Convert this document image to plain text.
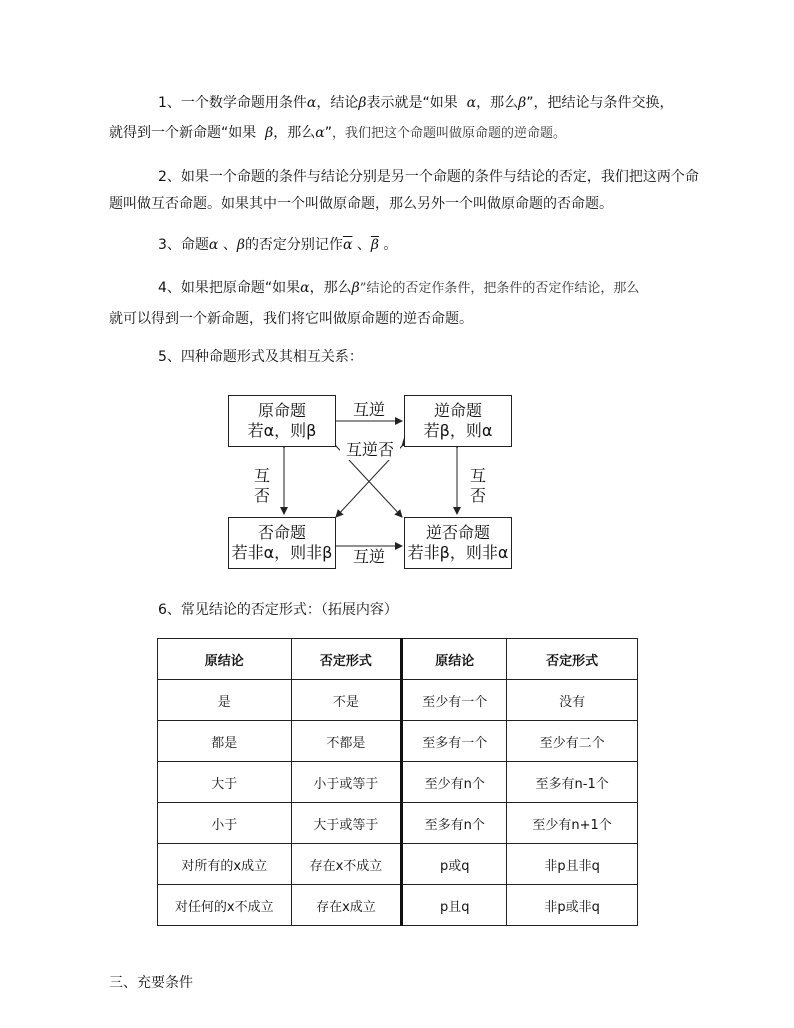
1、一个数学命题用条件α，结论β表示就是“如果 α，那么β”，把结论与条件交换，
就得到一个新命题“如果 β，那么α”，我们把这个命题叫做原命题的逆命题。
2、如果一个命题的条件与结论分别是另一个命题的条件与结论的否定，我们把这两个命
题叫做互否命题。如果其中一个叫做原命题，那么另外一个叫做原命题的否命题。
3、命题α 、β的否定分别记作$\overline{\alpha}$ 、$\overline{\beta}$ 。
4、如果把原命题“如果α，那么β”结论的否定作条件，把条件的否定作结论，那么
就可以得到一个新命题，我们将它叫做原命题的逆否命题。
5、四种命题形式及其相互关系：
原命题
若α，则β
逆命题
若β，则α
否命题
若非α，则非β
逆否命题
若非β，则非α
互逆
互逆
互
否
互
否
互逆否
6、常见结论的否定形式：（拓展内容）
原结论	否定形式	原结论	否定形式
是	不是	至少有一个	没有
都是	不都是	至多有一个	至少有二个
大于	小于或等于	至少有n个	至多有n-1个
小于	大于或等于	至多有n个	至少有n+1个
对所有的x成立	存在x不成立	p或q	非p且非q
对任何的x不成立	存在x成立	p且q	非p或非q
三、充要条件
